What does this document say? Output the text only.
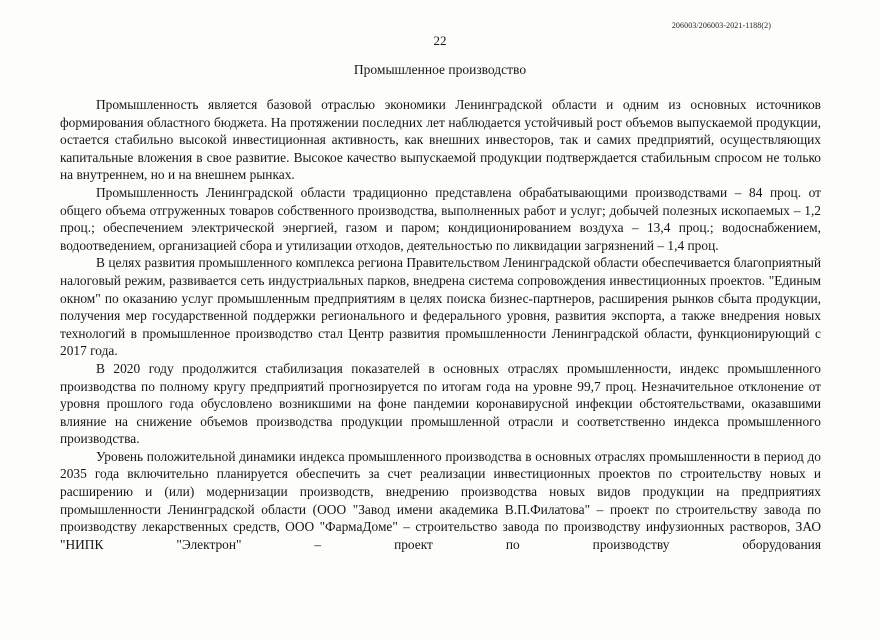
206003/206003-2021-1188(2)
22
Промышленное производство

Промышленность является базовой отраслью экономики Ленинградской области и одним из основных источников формирования областного бюджета. На протяжении последних лет наблюдается устойчивый рост объемов выпускаемой продукции, остается стабильно высокой инвестиционная активность, как внешних инвесторов, так и самих предприятий, осуществляющих капитальные вложения в свое развитие. Высокое качество выпускаемой продукции подтверждается стабильным спросом не только на внутреннем, но и на внешнем рынках.

Промышленность Ленинградской области традиционно представлена обрабатывающими производствами – 84 проц. от общего объема отгруженных товаров собственного производства, выполненных работ и услуг; добычей полезных ископаемых – 1,2 проц.; обеспечением электрической энергией, газом и паром; кондиционированием воздуха – 13,4 проц.; водоснабжением, водоотведением, организацией сбора и утилизации отходов, деятельностью по ликвидации загрязнений – 1,4 проц.

В целях развития промышленного комплекса региона Правительством Ленинградской области обеспечивается благоприятный налоговый режим, развивается сеть индустриальных парков, внедрена система сопровождения инвестиционных проектов. "Единым окном" по оказанию услуг промышленным предприятиям в целях поиска бизнес-партнеров, расширения рынков сбыта продукции, получения мер государственной поддержки регионального и федерального уровня, развития экспорта, а также внедрения новых технологий в промышленное производство стал Центр развития промышленности Ленинградской области, функционирующий с 2017 года.

В 2020 году продолжится стабилизация показателей в основных отраслях промышленности, индекс промышленного производства по полному кругу предприятий прогнозируется по итогам года на уровне 99,7 проц. Незначительное отклонение от уровня прошлого года обусловлено возникшими на фоне пандемии коронавирусной инфекции обстоятельствами, оказавшими влияние на снижение объемов производства продукции промышленной отрасли и соответственно индекса промышленного производства.

Уровень положительной динамики индекса промышленного производства в основных отраслях промышленности в период до 2035 года включительно планируется обеспечить за счет реализации инвестиционных проектов по строительству новых и расширению и (или) модернизации производств, внедрению производства новых видов продукции на предприятиях промышленности Ленинградской области (ООО "Завод имени академика В.П.Филатова" – проект по строительству завода по производству лекарственных средств, ООО "ФармаДоме" – строительство завода по производству инфузионных растворов, ЗАО "НИПК "Электрон" – проект по производству оборудования
